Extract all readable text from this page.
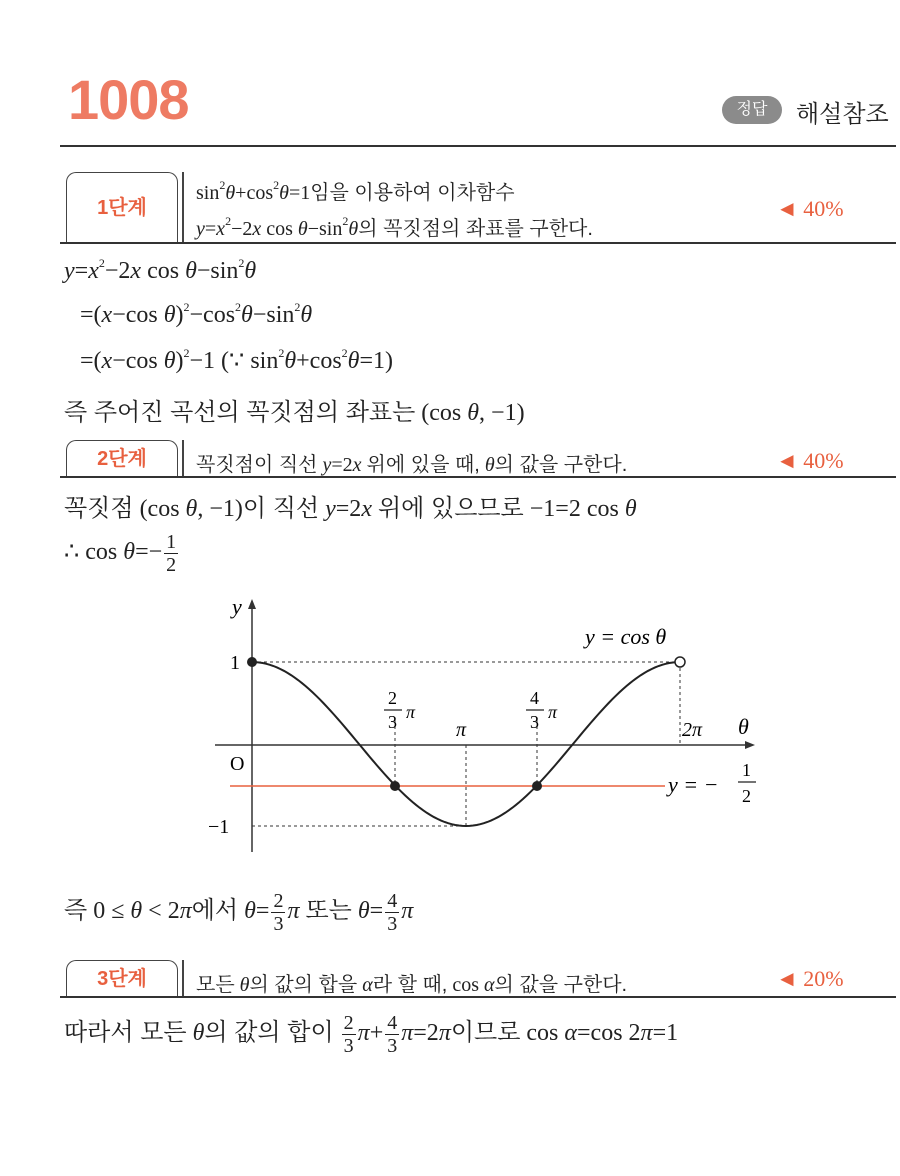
1008	정답	해설참조
1단계
$\sin^2\theta+\cos^2\theta=1$임을 이용하여 이차함수
$y=x^2-2x$ $\cos \theta-\sin^2\theta$의 꼭짓점의 좌표를 구한다.
◄ 40%
$y=x^2-2x$ $\cos \theta-\sin^2\theta$
=(x−cos $\theta)^2-\cos^2\theta-\sin^2\theta$
=(x−cos θ)$^2$−1 (∵ $\sin^2\theta+\cos^2\theta=1$)
즉 주어진 곡선의 꼭짓점의 좌표는 (cos θ, −1)
2단계	꼭짓점이 직선 y=2x 위에 있을 때, θ의 값을 구한다.	◄ 40%
꼭짓점 (cos θ, −1)이 직선 y=2x 위에 있으므로 −1=2 cos θ
∴ $\cos \theta=- \frac{1}{2}$
y
θ
O
1
−1
2π
π
2
3 π
4
3 π
y = cos θ
y = −
1
2
즉 0 ≤ θ < 2π에서 $\theta= \frac{2}{3}$ π 또는 $\theta= \frac{4}{3}$ π
3단계	모든 θ의 값의 합을 α라 할 때, cos α의 값을 구한다.	◄ 20%
따라서 모든 θ의 값의 합이 $\frac{2}{3} \pi+ \frac{4}{3} \pi=2\pi$이므로 cos α=cos 2π=1
